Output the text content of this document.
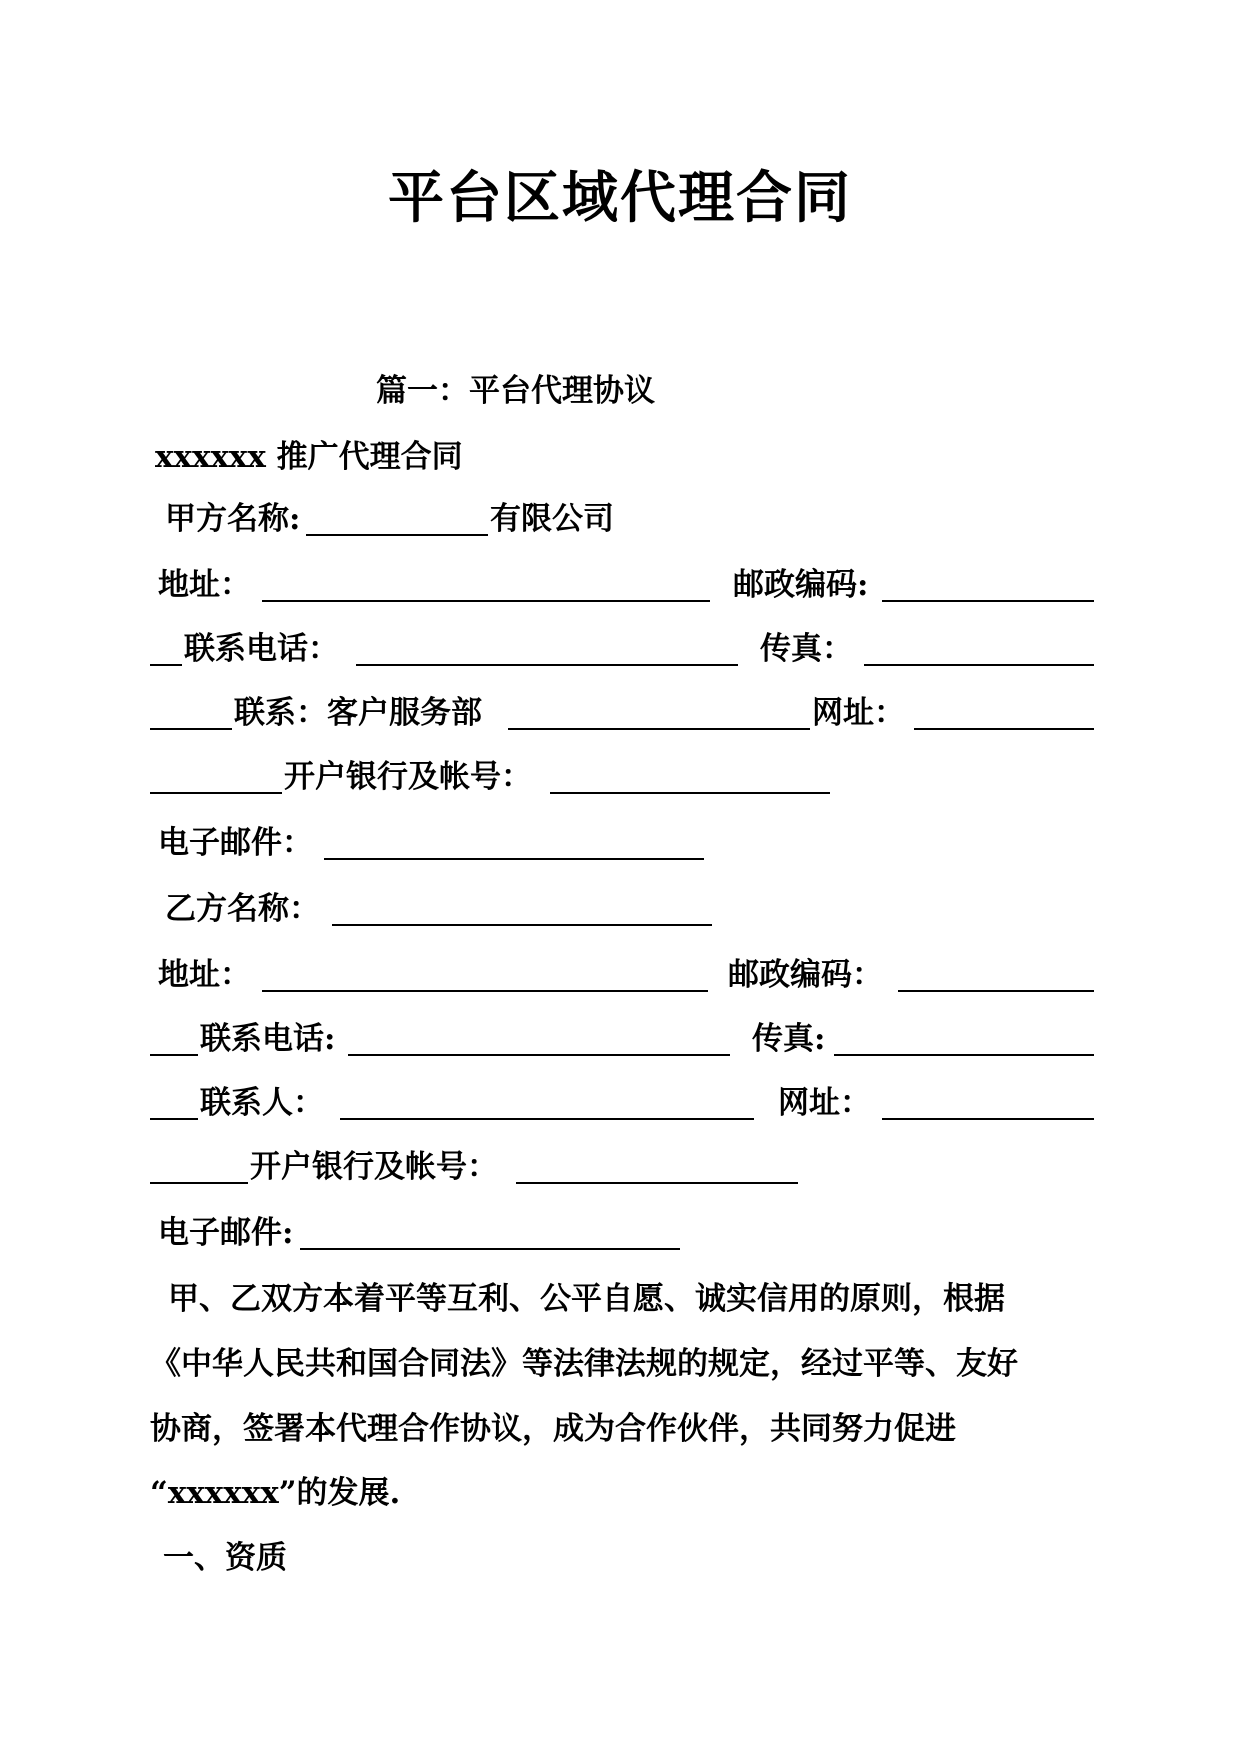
平台区域代理合同
篇一：平台代理协议
xxxxxx 推广代理合同
甲方名称:	有限公司
地址：	邮政编码:
联系电话：	传真：
联系：客户服务部	网址：
开户银行及帐号：
电子邮件：
乙方名称：
地址：	邮政编码：
联系电话:	传真:
联系人：	网址：
开户银行及帐号：
电子邮件:
甲、乙双方本着平等互利、公平自愿、诚实信用的原则，根据
《中华人民共和国合同法》等法律法规的规定，经过平等、友好
协商，签署本代理合作协议，成为合作伙伴，共同努力促进
“xxxxxx”的发展.
一、资质
